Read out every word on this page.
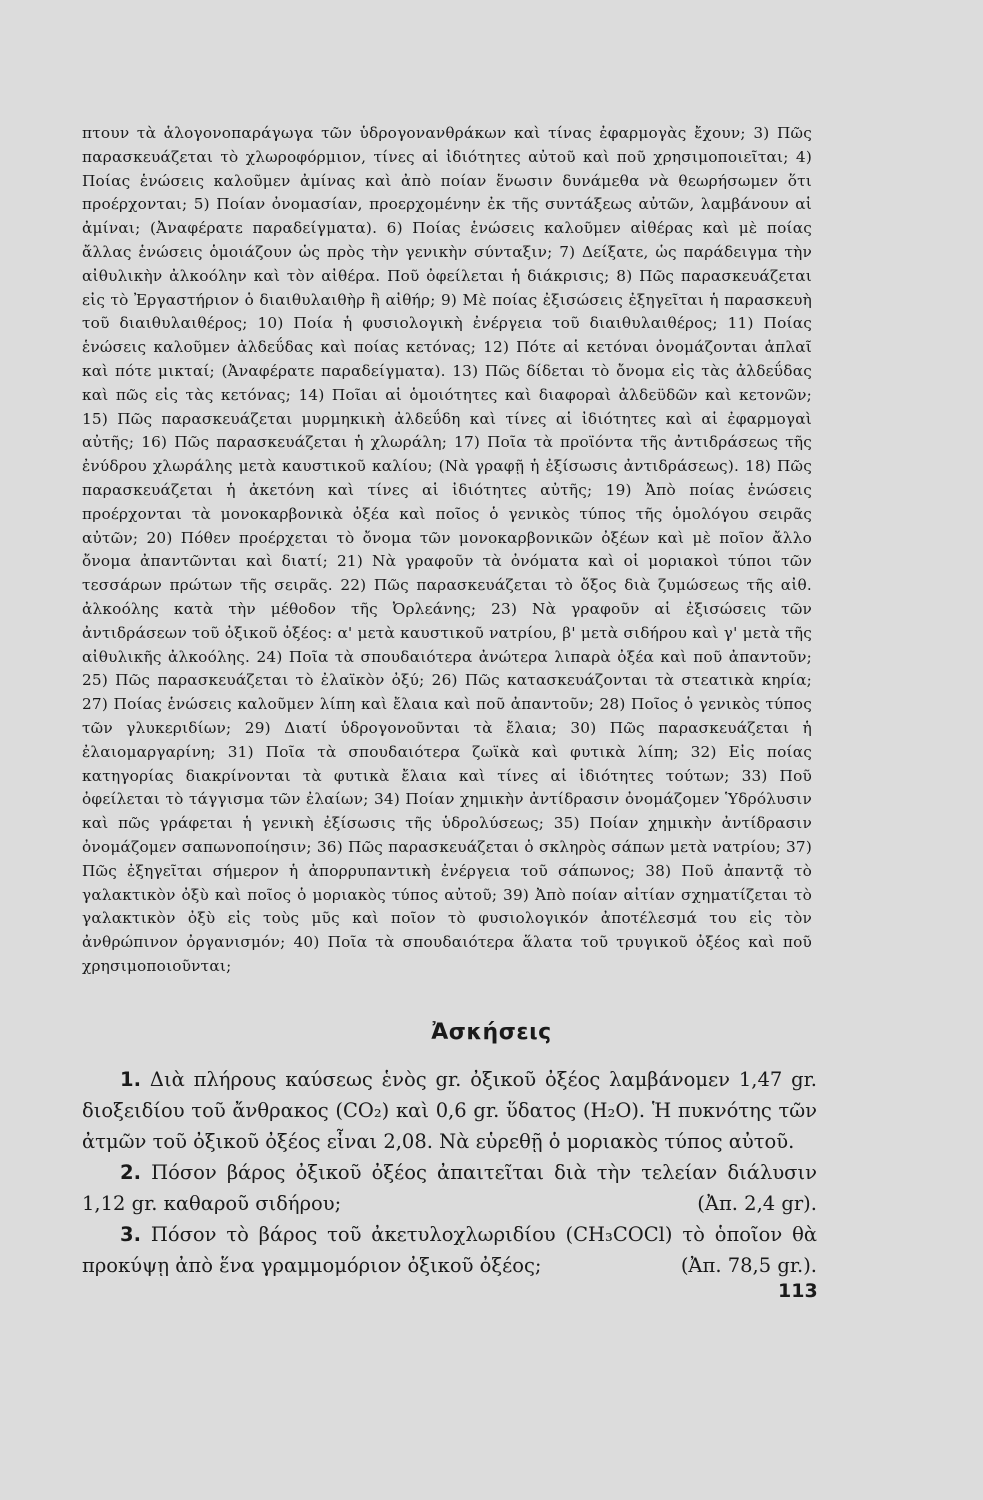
πτουν τὰ ἁλογονοπαράγωγα τῶν ὑδρογονανθράκων καὶ τίνας ἐφαρμογὰς ἔχουν; 3) Πῶς παρασκευάζεται τὸ χλωροφόρμιον, τίνες αἱ ἰδιότητες αὐτοῦ καὶ ποῦ χρησιμοποιεῖται; 4) Ποίας ἑνώσεις καλοῦμεν ἀμίνας καὶ ἀπὸ ποίαν ἕνωσιν δυνάμεθα νὰ θεωρήσωμεν ὅτι προέρχονται; 5) Ποίαν ὀνομασίαν, προερχομένην ἐκ τῆς συντάξεως αὐτῶν, λαμβάνουν αἱ ἀμίναι; (Ἀναφέρατε παραδείγματα). 6) Ποίας ἑνώσεις καλοῦμεν αἰθέρας καὶ μὲ ποίας ἄλλας ἑνώσεις ὁμοιάζουν ὡς πρὸς τὴν γενικὴν σύνταξιν; 7) Δείξατε, ὡς παράδειγμα τὴν αἰθυλικὴν ἀλκοόλην καὶ τὸν αἰθέρα. Ποῦ ὀφείλεται ἡ διάκρισις; 8) Πῶς παρασκευάζεται εἰς τὸ Ἐργαστήριον ὁ διαιθυλαιθὴρ ἢ αἰθήρ; 9) Μὲ ποίας ἐξισώσεις ἐξηγεῖται ἡ παρασκευὴ τοῦ διαιθυλαιθέρος; 10) Ποία ἡ φυσιολογικὴ ἐνέργεια τοῦ διαιθυλαιθέρος; 11) Ποίας ἑνώσεις καλοῦμεν ἀλδεΰδας καὶ ποίας κετόνας; 12) Πότε αἱ κετόναι ὀνομάζονται ἁπλαῖ καὶ πότε μικταί; (Ἀναφέρατε παραδείγματα). 13) Πῶς δίδεται τὸ ὄνομα εἰς τὰς ἀλδεΰδας καὶ πῶς εἰς τὰς κετόνας; 14) Ποῖαι αἱ ὁμοιότητες καὶ διαφοραὶ ἀλδεϋδῶν καὶ κετονῶν; 15) Πῶς παρασκευάζεται μυρμηκικὴ ἀλδεΰδη καὶ τίνες αἱ ἰδιότητες καὶ αἱ ἐφαρμογαὶ αὐτῆς; 16) Πῶς παρασκευάζεται ἡ χλωράλη; 17) Ποῖα τὰ προϊόντα τῆς ἀντιδράσεως τῆς ἐνύδρου χλωράλης μετὰ καυστικοῦ καλίου; (Νὰ γραφῇ ἡ ἐξίσωσις ἀντιδράσεως). 18) Πῶς παρασκευάζεται ἡ ἀκετόνη καὶ τίνες αἱ ἰδιότητες αὐτῆς; 19) Ἀπὸ ποίας ἑνώσεις προέρχονται τὰ μονοκαρβονικὰ ὀξέα καὶ ποῖος ὁ γενικὸς τύπος τῆς ὁμολόγου σειρᾶς αὐτῶν; 20) Πόθεν προέρχεται τὸ ὄνομα τῶν μονοκαρβονικῶν ὀξέων καὶ μὲ ποῖον ἄλλο ὄνομα ἀπαντῶνται καὶ διατί; 21) Νὰ γραφοῦν τὰ ὀνόματα καὶ οἱ μοριακοὶ τύποι τῶν τεσσάρων πρώτων τῆς σειρᾶς. 22) Πῶς παρασκευάζεται τὸ ὄξος διὰ ζυμώσεως τῆς αἰθ. ἀλκοόλης κατὰ τὴν μέθοδον τῆς Ὀρλεάνης; 23) Νὰ γραφοῦν αἱ ἐξισώσεις τῶν ἀντιδράσεων τοῦ ὀξικοῦ ὀξέος: α' μετὰ καυστικοῦ νατρίου, β' μετὰ σιδήρου καὶ γ' μετὰ τῆς αἰθυλικῆς ἀλκοόλης. 24) Ποῖα τὰ σπουδαιότερα ἀνώτερα λιπαρὰ ὀξέα καὶ ποῦ ἀπαντοῦν; 25) Πῶς παρασκευάζεται τὸ ἐλαϊκὸν ὀξύ; 26) Πῶς κατασκευάζονται τὰ στεατικὰ κηρία; 27) Ποίας ἑνώσεις καλοῦμεν λίπη καὶ ἔλαια καὶ ποῦ ἀπαντοῦν; 28) Ποῖος ὁ γενικὸς τύπος τῶν γλυκεριδίων; 29) Διατί ὑδρογονοῦνται τὰ ἔλαια; 30) Πῶς παρασκευάζεται ἡ ἐλαιομαργαρίνη; 31) Ποῖα τὰ σπουδαιότερα ζωϊκὰ καὶ φυτικὰ λίπη; 32) Εἰς ποίας κατηγορίας διακρίνονται τὰ φυτικὰ ἔλαια καὶ τίνες αἱ ἰδιότητες τούτων; 33) Ποῦ ὀφείλεται τὸ τάγγισμα τῶν ἐλαίων; 34) Ποίαν χημικὴν ἀντίδρασιν ὀνομάζομεν Ὑδρόλυσιν καὶ πῶς γράφεται ἡ γενικὴ ἐξίσωσις τῆς ὑδρολύσεως; 35) Ποίαν χημικὴν ἀντίδρασιν ὀνομάζομεν σαπωνοποίησιν; 36) Πῶς παρασκευάζεται ὁ σκληρὸς σάπων μετὰ νατρίου; 37) Πῶς ἐξηγεῖται σήμερον ἡ ἀπορρυπαντικὴ ἐνέργεια τοῦ σάπωνος; 38) Ποῦ ἀπαντᾷ τὸ γαλακτικὸν ὀξὺ καὶ ποῖος ὁ μοριακὸς τύπος αὐτοῦ; 39) Ἀπὸ ποίαν αἰτίαν σχηματίζεται τὸ γαλακτικὸν ὀξὺ εἰς τοὺς μῦς καὶ ποῖον τὸ φυσιολογικόν ἀποτέλεσμά του εἰς τὸν ἀνθρώπινον ὀργανισμόν; 40) Ποῖα τὰ σπουδαιότερα ἅλατα τοῦ τρυγικοῦ ὀξέος καὶ ποῦ χρησιμοποιοῦνται;

Ἀσκήσεις

1. Διὰ πλήρους καύσεως ἑνὸς gr. ὀξικοῦ ὀξέος λαμβάνομεν 1,47 gr. διοξειδίου τοῦ ἄνθρακος (CO₂) καὶ 0,6 gr. ὕδατος (H₂O). Ἡ πυκνότης τῶν ἀτμῶν τοῦ ὀξικοῦ ὀξέος εἶναι 2,08. Νὰ εὑρεθῇ ὁ μοριακὸς τύπος αὐτοῦ.

2. Πόσον βάρος ὀξικοῦ ὀξέος ἀπαιτεῖται διὰ τὴν τελείαν διάλυσιν 1,12 gr. καθαροῦ σιδήρου;	(Ἀπ. 2,4 gr).

3. Πόσον τὸ βάρος τοῦ ἀκετυλοχλωριδίου (CH₃COCl) τὸ ὁποῖον θὰ προκύψῃ ἀπὸ ἕνα γραμμομόριον ὀξικοῦ ὀξέος;	(Ἀπ. 78,5 gr.).

113
